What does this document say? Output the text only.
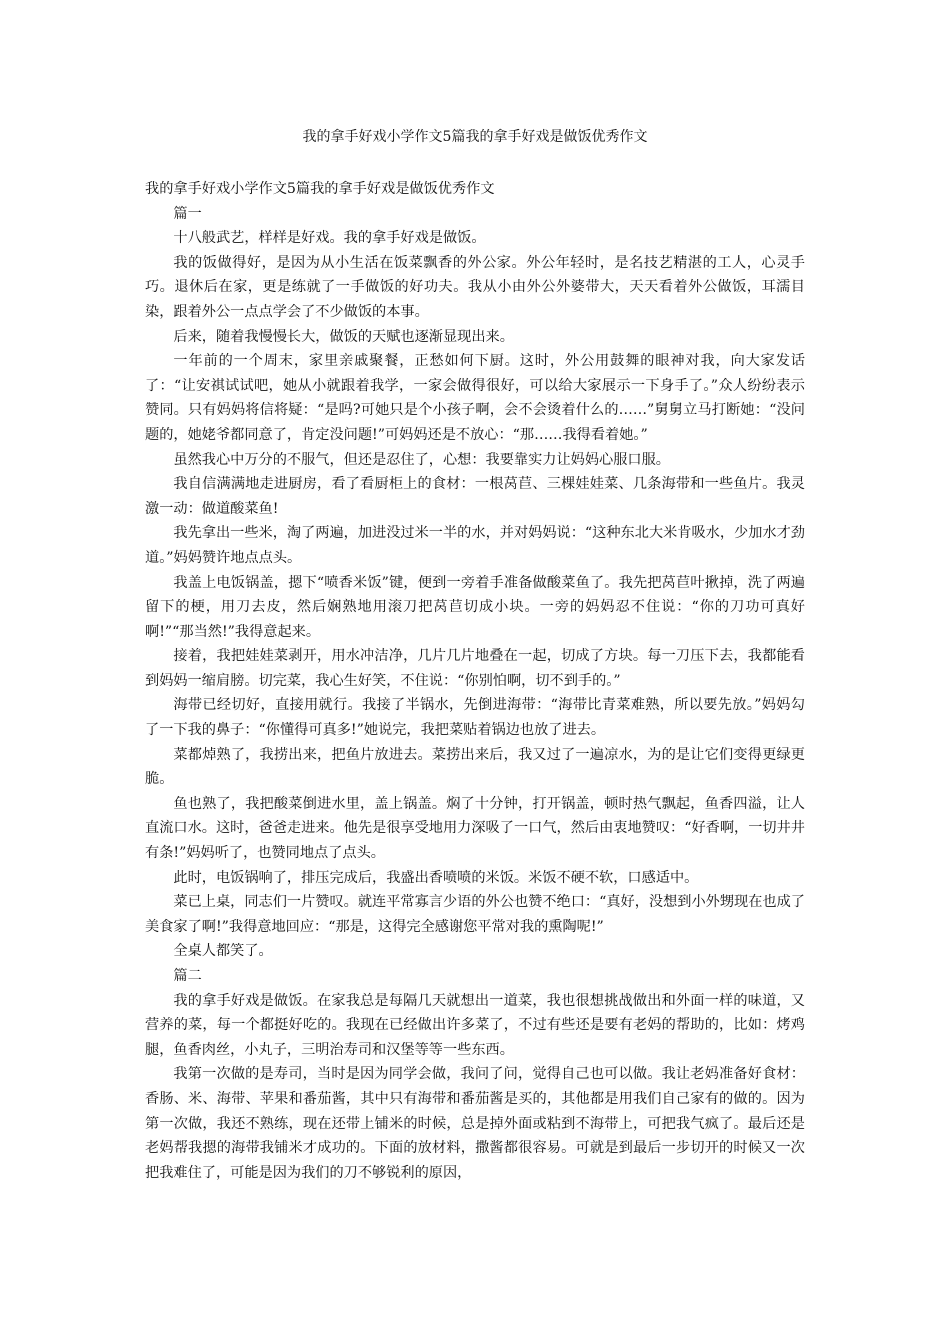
我的拿手好戏小学作文5篇我的拿手好戏是做饭优秀作文

我的拿手好戏小学作文5篇我的拿手好戏是做饭优秀作文

篇一

十八般武艺，样样是好戏。我的拿手好戏是做饭。

我的饭做得好，是因为从小生活在饭菜飘香的外公家。外公年轻时，是名技艺精湛的工人，心灵手巧。退休后在家，更是练就了一手做饭的好功夫。我从小由外公外婆带大，天天看着外公做饭，耳濡目染，跟着外公一点点学会了不少做饭的本事。

后来，随着我慢慢长大，做饭的天赋也逐渐显现出来。

一年前的一个周末，家里亲戚聚餐，正愁如何下厨。这时，外公用鼓舞的眼神对我，向大家发话了：“让安祺试试吧，她从小就跟着我学，一家会做得很好，可以给大家展示一下身手了。”众人纷纷表示赞同。只有妈妈将信将疑：“是吗?可她只是个小孩子啊，会不会烫着什么的……”舅舅立马打断她：“没问题的，她姥爷都同意了，肯定没问题!”可妈妈还是不放心：“那……我得看着她。”

虽然我心中万分的不服气，但还是忍住了，心想：我要靠实力让妈妈心服口服。

我自信满满地走进厨房，看了看厨柜上的食材：一根莴苣、三棵娃娃菜、几条海带和一些鱼片。我灵激一动：做道酸菜鱼!

我先拿出一些米，淘了两遍，加进没过米一半的水，并对妈妈说：“这种东北大米肯吸水，少加水才劲道。”妈妈赞许地点点头。

我盖上电饭锅盖，摁下“喷香米饭”键，便到一旁着手准备做酸菜鱼了。我先把莴苣叶揪掉，洗了两遍留下的梗，用刀去皮，然后娴熟地用滚刀把莴苣切成小块。一旁的妈妈忍不住说：“你的刀功可真好啊!”“那当然!”我得意起来。

接着，我把娃娃菜剥开，用水冲洁净，几片几片地叠在一起，切成了方块。每一刀压下去，我都能看到妈妈一缩肩膀。切完菜，我心生好笑，不住说：“你别怕啊，切不到手的。”

海带已经切好，直接用就行。我接了半锅水，先倒进海带：“海带比青菜难熟，所以要先放。”妈妈勾了一下我的鼻子：“你懂得可真多!”她说完，我把菜贴着锅边也放了进去。

菜都焯熟了，我捞出来，把鱼片放进去。菜捞出来后，我又过了一遍凉水，为的是让它们变得更绿更脆。

鱼也熟了，我把酸菜倒进水里，盖上锅盖。焖了十分钟，打开锅盖，顿时热气飘起，鱼香四溢，让人直流口水。这时，爸爸走进来。他先是很享受地用力深吸了一口气，然后由衷地赞叹：“好香啊，一切井井有条!”妈妈听了，也赞同地点了点头。

此时，电饭锅响了，排压完成后，我盛出香喷喷的米饭。米饭不硬不软，口感适中。

菜已上桌，同志们一片赞叹。就连平常寡言少语的外公也赞不绝口：“真好，没想到小外甥现在也成了美食家了啊!”我得意地回应：“那是，这得完全感谢您平常对我的熏陶呢!”

全桌人都笑了。

篇二

我的拿手好戏是做饭。在家我总是每隔几天就想出一道菜，我也很想挑战做出和外面一样的味道，又营养的菜，每一个都挺好吃的。我现在已经做出许多菜了，不过有些还是要有老妈的帮助的，比如：烤鸡腿，鱼香肉丝，小丸子，三明治寿司和汉堡等等一些东西。

我第一次做的是寿司，当时是因为同学会做，我问了问，觉得自己也可以做。我让老妈准备好食材：香肠、米、海带、苹果和番茄酱，其中只有海带和番茄酱是买的，其他都是用我们自己家有的做的。因为第一次做，我还不熟练，现在还带上铺米的时候，总是掉外面或粘到不海带上，可把我气疯了。最后还是老妈帮我摁的海带我铺米才成功的。下面的放材料，撒酱都很容易。可就是到最后一步切开的时候又一次把我难住了，可能是因为我们的刀不够锐利的原因，
